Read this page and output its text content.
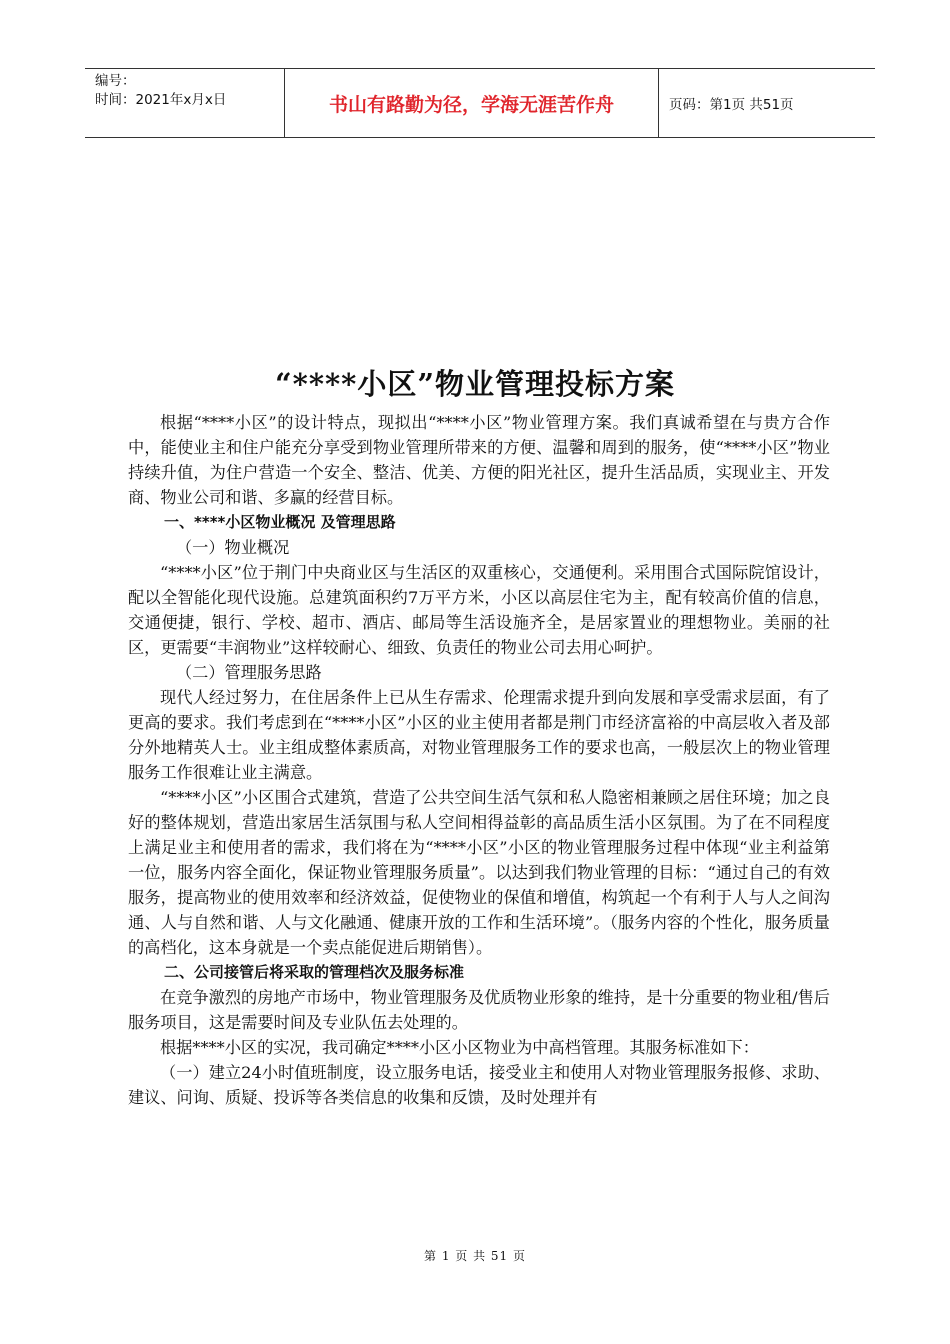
编号：
时间：2021年x月x日	书山有路勤为径，学海无涯苦作舟	页码：第1页 共51页
“****小区”物业管理投标方案

根据“****小区”的设计特点，现拟出“****小区”物业管理方案。我们真诚希望在与贵方合作中，能使业主和住户能充分享受到物业管理所带来的方便、温馨和周到的服务，使“****小区”物业持续升值，为住户营造一个安全、整洁、优美、方便的阳光社区，提升生活品质，实现业主、开发商、物业公司和谐、多赢的经营目标。

一、****小区物业概况 及管理思路

（一）物业概况

“****小区”位于荆门中央商业区与生活区的双重核心，交通便利。采用围合式国际院馆设计，配以全智能化现代设施。总建筑面积约7万平方米，小区以高层住宅为主，配有较高价值的信息，交通便捷，银行、学校、超市、酒店、邮局等生活设施齐全，是居家置业的理想物业。美丽的社区，更需要“丰润物业”这样较耐心、细致、负责任的物业公司去用心呵护。

（二）管理服务思路

现代人经过努力，在住居条件上已从生存需求、伦理需求提升到向发展和享受需求层面，有了更高的要求。我们考虑到在“****小区”小区的业主使用者都是荆门市经济富裕的中高层收入者及部分外地精英人士。业主组成整体素质高，对物业管理服务工作的要求也高，一般层次上的物业管理服务工作很难让业主满意。

“****小区”小区围合式建筑，营造了公共空间生活气氛和私人隐密相兼顾之居住环境；加之良好的整体规划，营造出家居生活氛围与私人空间相得益彰的高品质生活小区氛围。为了在不同程度上满足业主和使用者的需求，我们将在为“****小区”小区的物业管理服务过程中体现“业主利益第一位，服务内容全面化，保证物业管理服务质量”。以达到我们物业管理的目标：“通过自己的有效服务，提高物业的使用效率和经济效益，促使物业的保值和增值，构筑起一个有利于人与人之间沟通、人与自然和谐、人与文化融通、健康开放的工作和生活环境”。（服务内容的个性化，服务质量的高档化，这本身就是一个卖点能促进后期销售）。

二、公司接管后将采取的管理档次及服务标准

在竞争激烈的房地产市场中，物业管理服务及优质物业形象的维持，是十分重要的物业租/售后服务项目，这是需要时间及专业队伍去处理的。

根据****小区的实况，我司确定****小区小区物业为中高档管理。其服务标准如下：

（一）建立24小时值班制度，设立服务电话，接受业主和使用人对物业管理服务报修、求助、建议、问询、质疑、投诉等各类信息的收集和反馈，及时处理并有

第 1 页 共 51 页
